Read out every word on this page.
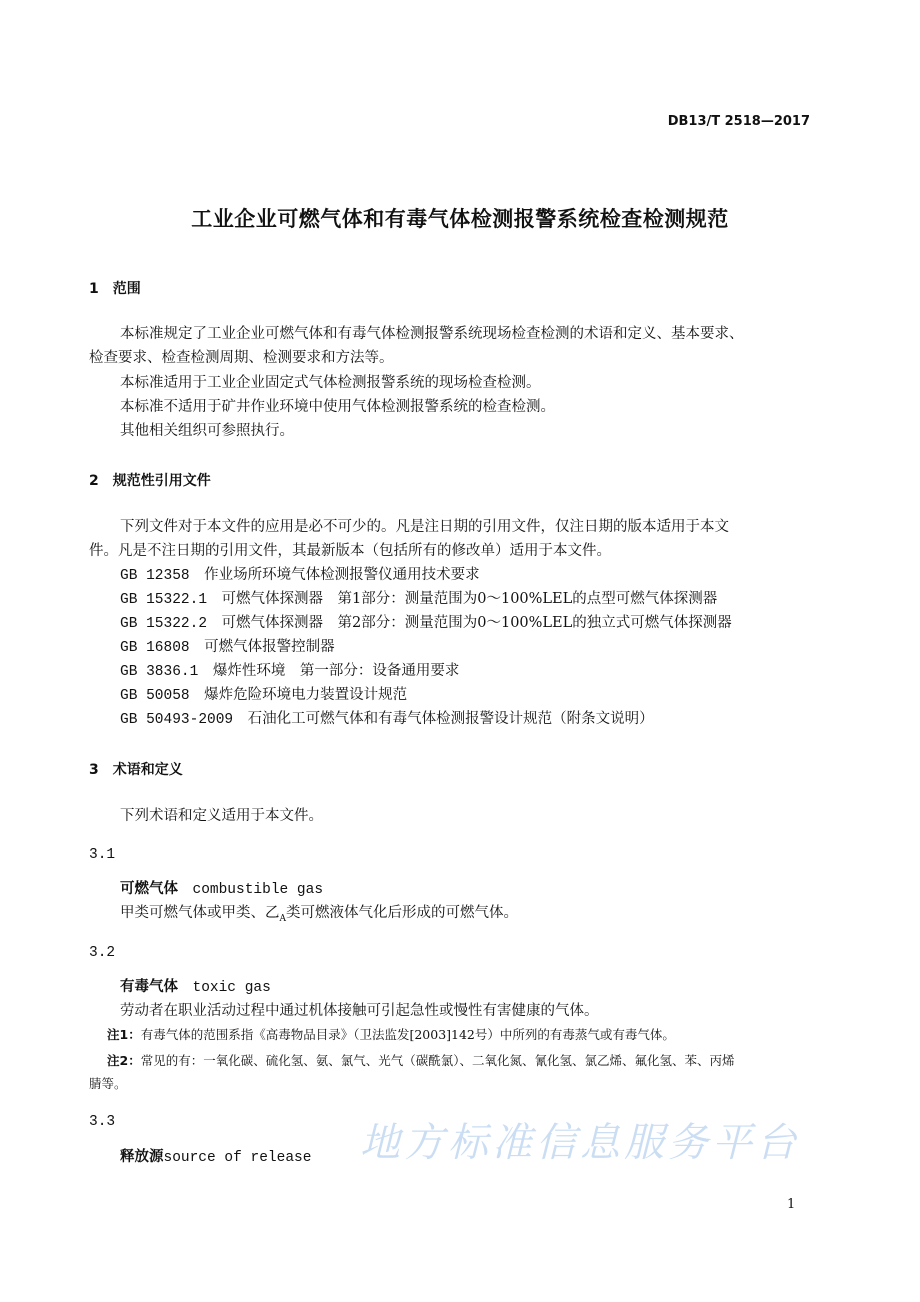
DB13/T 2518—2017
工业企业可燃气体和有毒气体检测报警系统检查检测规范
1　范围
本标准规定了工业企业可燃气体和有毒气体检测报警系统现场检查检测的术语和定义、基本要求、
检查要求、检查检测周期、检测要求和方法等。
本标准适用于工业企业固定式气体检测报警系统的现场检查检测。
本标准不适用于矿井作业环境中使用气体检测报警系统的检查检测。
其他相关组织可参照执行。
2　规范性引用文件
下列文件对于本文件的应用是必不可少的。凡是注日期的引用文件，仅注日期的版本适用于本文
件。凡是不注日期的引用文件，其最新版本（包括所有的修改单）适用于本文件。
GB 12358　 作业场所环境气体检测报警仪通用技术要求
GB 15322.1　 可燃气体探测器　第1部分：测量范围为0～100%LEL的点型可燃气体探测器
GB 15322.2　 可燃气体探测器　第2部分：测量范围为0～100%LEL的独立式可燃气体探测器
GB 16808　 可燃气体报警控制器
GB 3836.1　 爆炸性环境　第一部分：设备通用要求
GB 50058　 爆炸危险环境电力装置设计规范
GB 50493-2009　 石油化工可燃气体和有毒气体检测报警设计规范（附条文说明）
3　术语和定义
下列术语和定义适用于本文件。
3.1
可燃气体　 combustible gas
甲类可燃气体或甲类、乙$_A$类可燃液体气化后形成的可燃气体。
3.2
有毒气体　 toxic gas
劳动者在职业活动过程中通过机体接触可引起急性或慢性有害健康的气体。
注1：有毒气体的范围系指《高毒物品目录》（卫法监发[2003]142号）中所列的有毒蒸气或有毒气体。
注2：常见的有：一氧化碳、硫化氢、氨、氯气、光气（碳酰氯）、二氧化氮、氰化氢、氯乙烯、氟化氢、苯、丙烯
腈等。
3.3
释放源source of release 地方标准信息服务平台
1
